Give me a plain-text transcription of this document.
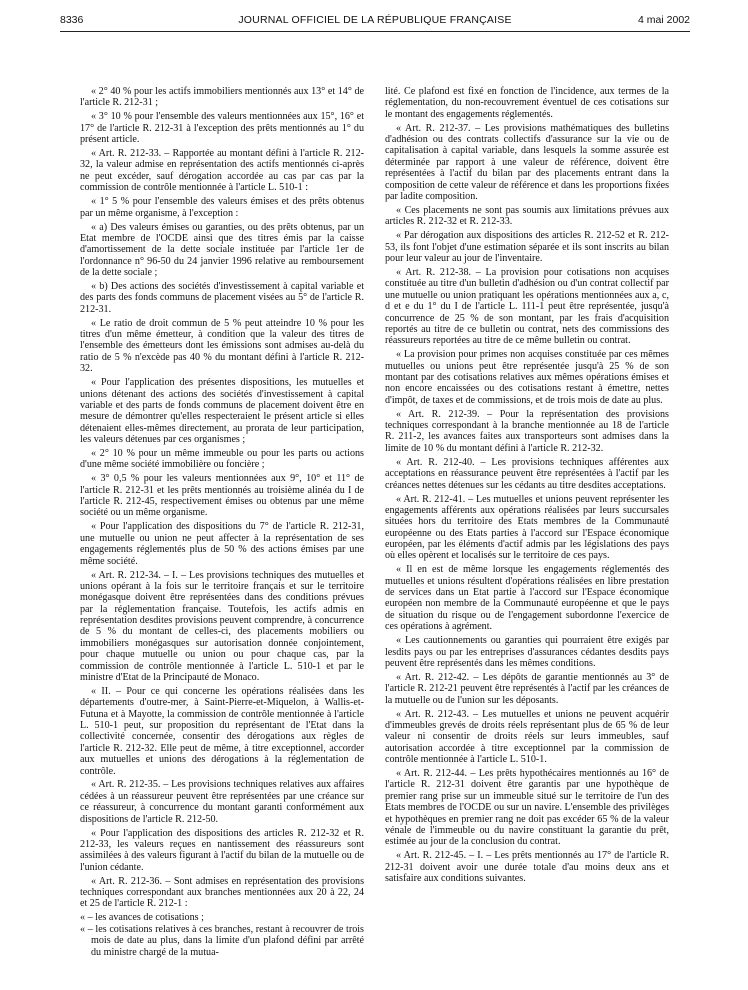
8336	JOURNAL OFFICIEL DE LA RÉPUBLIQUE FRANÇAISE	4 mai 2002

« 2° 40 % pour les actifs immobiliers mentionnés aux 13° et 14° de l'article R. 212-31 ;

« 3° 10 % pour l'ensemble des valeurs mentionnées aux 15°, 16° et 17° de l'article R. 212-31 à l'exception des prêts mentionnés au 1° du présent article.

« Art. R. 212-33. – Rapportée au montant défini à l'article R. 212-32, la valeur admise en représentation des actifs mentionnés ci-après ne peut excéder, sauf dérogation accordée au cas par cas par la commission de contrôle mentionnée à l'article L. 510-1 :

« 1° 5 % pour l'ensemble des valeurs émises et des prêts obtenus par un même organisme, à l'exception :

« a) Des valeurs émises ou garanties, ou des prêts obtenus, par un Etat membre de l'OCDE ainsi que des titres émis par la caisse d'amortissement de la dette sociale instituée par l'article 1er de l'ordonnance n° 96-50 du 24 janvier 1996 relative au remboursement de la dette sociale ;

« b) Des actions des sociétés d'investissement à capital variable et des parts des fonds communs de placement visées au 5° de l'article R. 212-31.

« Le ratio de droit commun de 5 % peut atteindre 10 % pour les titres d'un même émetteur, à condition que la valeur des titres de l'ensemble des émetteurs dont les émissions sont admises au-delà du ratio de 5 % n'excède pas 40 % du montant défini à l'article R. 212-32.

« Pour l'application des présentes dispositions, les mutuelles et unions détenant des actions des sociétés d'investissement à capital variable et des parts de fonds communs de placement doivent être en mesure de démontrer qu'elles respecteraient le présent article si elles détenaient elles-mêmes directement, au prorata de leur participation, les valeurs détenues par ces organismes ;

« 2° 10 % pour un même immeuble ou pour les parts ou actions d'une même société immobilière ou foncière ;

« 3° 0,5 % pour les valeurs mentionnées aux 9°, 10° et 11° de l'article R. 212-31 et les prêts mentionnés au troisième alinéa du I de l'article R. 212-45, respectivement émises ou obtenus par une même société ou un même organisme.

« Pour l'application des dispositions du 7° de l'article R. 212-31, une mutuelle ou union ne peut affecter à la représentation de ses engagements réglementés plus de 50 % des actions émises par une même société.

« Art. R. 212-34. – I. – Les provisions techniques des mutuelles et unions opérant à la fois sur le territoire français et sur le territoire monégasque doivent être représentées dans des conditions prévues par la réglementation française. Toutefois, les actifs admis en représentation desdites provisions peuvent comprendre, à concurrence de 5 % du montant de celles-ci, des placements mobiliers ou immobiliers monégasques sur autorisation donnée conjointement, pour chaque mutuelle ou union ou pour chaque cas, par la commission de contrôle mentionnée à l'article L. 510-1 et par le ministre d'Etat de la Principauté de Monaco.

« II. – Pour ce qui concerne les opérations réalisées dans les départements d'outre-mer, à Saint-Pierre-et-Miquelon, à Wallis-et-Futuna et à Mayotte, la commission de contrôle mentionnée à l'article L. 510-1 peut, sur proposition du représentant de l'Etat dans la collectivité concernée, consentir des dérogations aux règles de l'article R. 212-32. Elle peut de même, à titre exceptionnel, accorder aux mutuelles et unions des dérogations à la réglementation de contrôle.

« Art. R. 212-35. – Les provisions techniques relatives aux affaires cédées à un réassureur peuvent être représentées par une créance sur ce réassureur, à concurrence du montant garanti conformément aux dispositions de l'article R. 212-50.

« Pour l'application des dispositions des articles R. 212-32 et R. 212-33, les valeurs reçues en nantissement des réassureurs sont assimilées à des valeurs figurant à l'actif du bilan de la mutuelle ou de l'union cédante.

« Art. R. 212-36. – Sont admises en représentation des provisions techniques correspondant aux branches mentionnées aux 20 à 22, 24 et 25 de l'article R. 212-1 :

« – les avances de cotisations ;

« – les cotisations relatives à ces branches, restant à recouvrer de trois mois de date au plus, dans la limite d'un plafond défini par arrêté du ministre chargé de la mutua-

lité. Ce plafond est fixé en fonction de l'incidence, aux termes de la réglementation, du non-recouvrement éventuel de ces cotisations sur le montant des engagements réglementés.

« Art. R. 212-37. – Les provisions mathématiques des bulletins d'adhésion ou des contrats collectifs d'assurance sur la vie ou de capitalisation à capital variable, dans lesquels la somme assurée est déterminée par rapport à une valeur de référence, doivent être représentées à l'actif du bilan par des placements entrant dans la composition de cette valeur de référence et dans les proportions fixées par ladite composition.

« Ces placements ne sont pas soumis aux limitations prévues aux articles R. 212-32 et R. 212-33.

« Par dérogation aux dispositions des articles R. 212-52 et R. 212-53, ils font l'objet d'une estimation séparée et ils sont inscrits au bilan pour leur valeur au jour de l'inventaire.

« Art. R. 212-38. – La provision pour cotisations non acquises constituée au titre d'un bulletin d'adhésion ou d'un contrat collectif par une mutuelle ou union pratiquant les opérations mentionnées aux a, c, d et e du 1° du I de l'article L. 111-1 peut être représentée, jusqu'à concurrence de 25 % de son montant, par les frais d'acquisition reportés au titre de ce bulletin ou contrat, nets des commissions des réassureurs reportées au titre de ce même bulletin ou contrat.

« La provision pour primes non acquises constituée par ces mêmes mutuelles ou unions peut être représentée jusqu'à 25 % de son montant par des cotisations relatives aux mêmes opérations émises et non encore encaissées ou des cotisations restant à émettre, nettes d'impôt, de taxes et de commissions, et de trois mois de date au plus.

« Art. R. 212-39. – Pour la représentation des provisions techniques correspondant à la branche mentionnée au 18 de l'article R. 211-2, les avances faites aux transporteurs sont admises dans la limite de 10 % du montant défini à l'article R. 212-32.

« Art. R. 212-40. – Les provisions techniques afférentes aux acceptations en réassurance peuvent être représentées à l'actif par les créances nettes détenues sur les cédants au titre desdites acceptations.

« Art. R. 212-41. – Les mutuelles et unions peuvent représenter les engagements afférents aux opérations réalisées par leurs succursales situées hors du territoire des Etats membres de la Communauté européenne ou des Etats parties à l'accord sur l'Espace économique européen, par les éléments d'actif admis par les législations des pays où elles opèrent et localisés sur le territoire de ces pays.

« Il en est de même lorsque les engagements réglementés des mutuelles et unions résultent d'opérations réalisées en libre prestation de services dans un Etat partie à l'accord sur l'Espace économique européen non membre de la Communauté européenne et que le pays de situation du risque ou de l'engagement subordonne l'exercice de ces opérations à agrément.

« Les cautionnements ou garanties qui pourraient être exigés par lesdits pays ou par les entreprises d'assurances cédantes desdits pays peuvent être représentés dans les mêmes conditions.

« Art. R. 212-42. – Les dépôts de garantie mentionnés au 3° de l'article R. 212-21 peuvent être représentés à l'actif par les créances de la mutuelle ou de l'union sur les déposants.

« Art. R. 212-43. – Les mutuelles et unions ne peuvent acquérir d'immeubles grevés de droits réels représentant plus de 65 % de leur valeur ni consentir de droits réels sur leurs immeubles, sauf autorisation accordée à titre exceptionnel par la commission de contrôle mentionnée à l'article L. 510-1.

« Art. R. 212-44. – Les prêts hypothécaires mentionnés au 16° de l'article R. 212-31 doivent être garantis par une hypothèque de premier rang prise sur un immeuble situé sur le territoire de l'un des Etats membres de l'OCDE ou sur un navire. L'ensemble des privilèges et hypothèques en premier rang ne doit pas excéder 65 % de la valeur vénale de l'immeuble ou du navire constituant la garantie du prêt, estimée au jour de la conclusion du contrat.

« Art. R. 212-45. – I. – Les prêts mentionnés au 17° de l'article R. 212-31 doivent avoir une durée totale d'au moins deux ans et satisfaire aux conditions suivantes.
